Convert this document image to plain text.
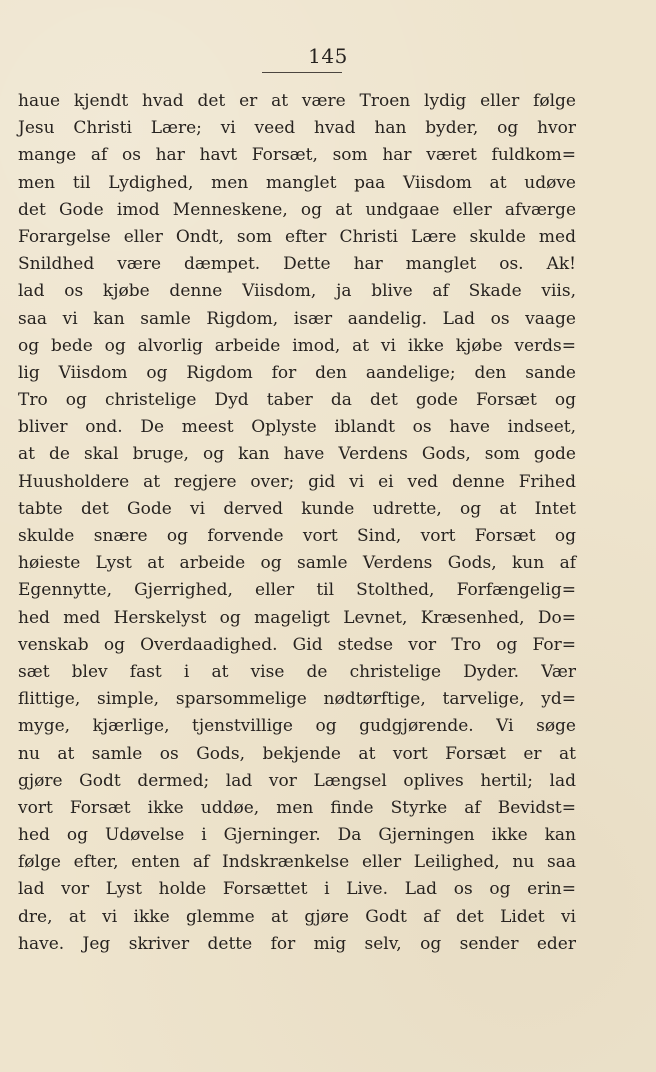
145
haue kjendt hvad det er at være Troen lydig eller følge
Jesu Christi Lære; vi veed hvad han byder, og hvor
mange af os har havt Forsæt, som har været fuldkom=
men til Lydighed, men manglet paa Viisdom at udøve
det Gode imod Menneskene, og at undgaae eller afværge
Forargelse eller Ondt, som efter Christi Lære skulde med
Snildhed være dæmpet. Dette har manglet os. Ak!
lad os kjøbe denne Viisdom, ja blive af Skade viis,
saa vi kan samle Rigdom, især aandelig. Lad os vaage
og bede og alvorlig arbeide imod, at vi ikke kjøbe verds=
lig Viisdom og Rigdom for den aandelige; den sande
Tro og christelige Dyd taber da det gode Forsæt og
bliver ond. De meest Oplyste iblandt os have indseet,
at de skal bruge, og kan have Verdens Gods, som gode
Huusholdere at regjere over; gid vi ei ved denne Frihed
tabte det Gode vi derved kunde udrette, og at Intet
skulde snære og forvende vort Sind, vort Forsæt og
høieste Lyst at arbeide og samle Verdens Gods, kun af
Egennytte, Gjerrighed, eller til Stolthed, Forfængelig=
hed med Herskelyst og mageligt Levnet, Kræsenhed, Do=
venskab og Overdaadighed. Gid stedse vor Tro og For=
sæt blev fast i at vise de christelige Dyder. Vær
flittige, simple, sparsommelige nødtørftige, tarvelige, yd=
myge, kjærlige, tjenstvillige og gudgjørende. Vi søge
nu at samle os Gods, bekjende at vort Forsæt er at
gjøre Godt dermed; lad vor Længsel oplives hertil; lad
vort Forsæt ikke uddøe, men finde Styrke af Bevidst=
hed og Udøvelse i Gjerninger. Da Gjerningen ikke kan
følge efter, enten af Indskrænkelse eller Leilighed, nu saa
lad vor Lyst holde Forsættet i Live. Lad os og erin=
dre, at vi ikke glemme at gjøre Godt af det Lidet vi
have. Jeg skriver dette for mig selv, og sender eder
